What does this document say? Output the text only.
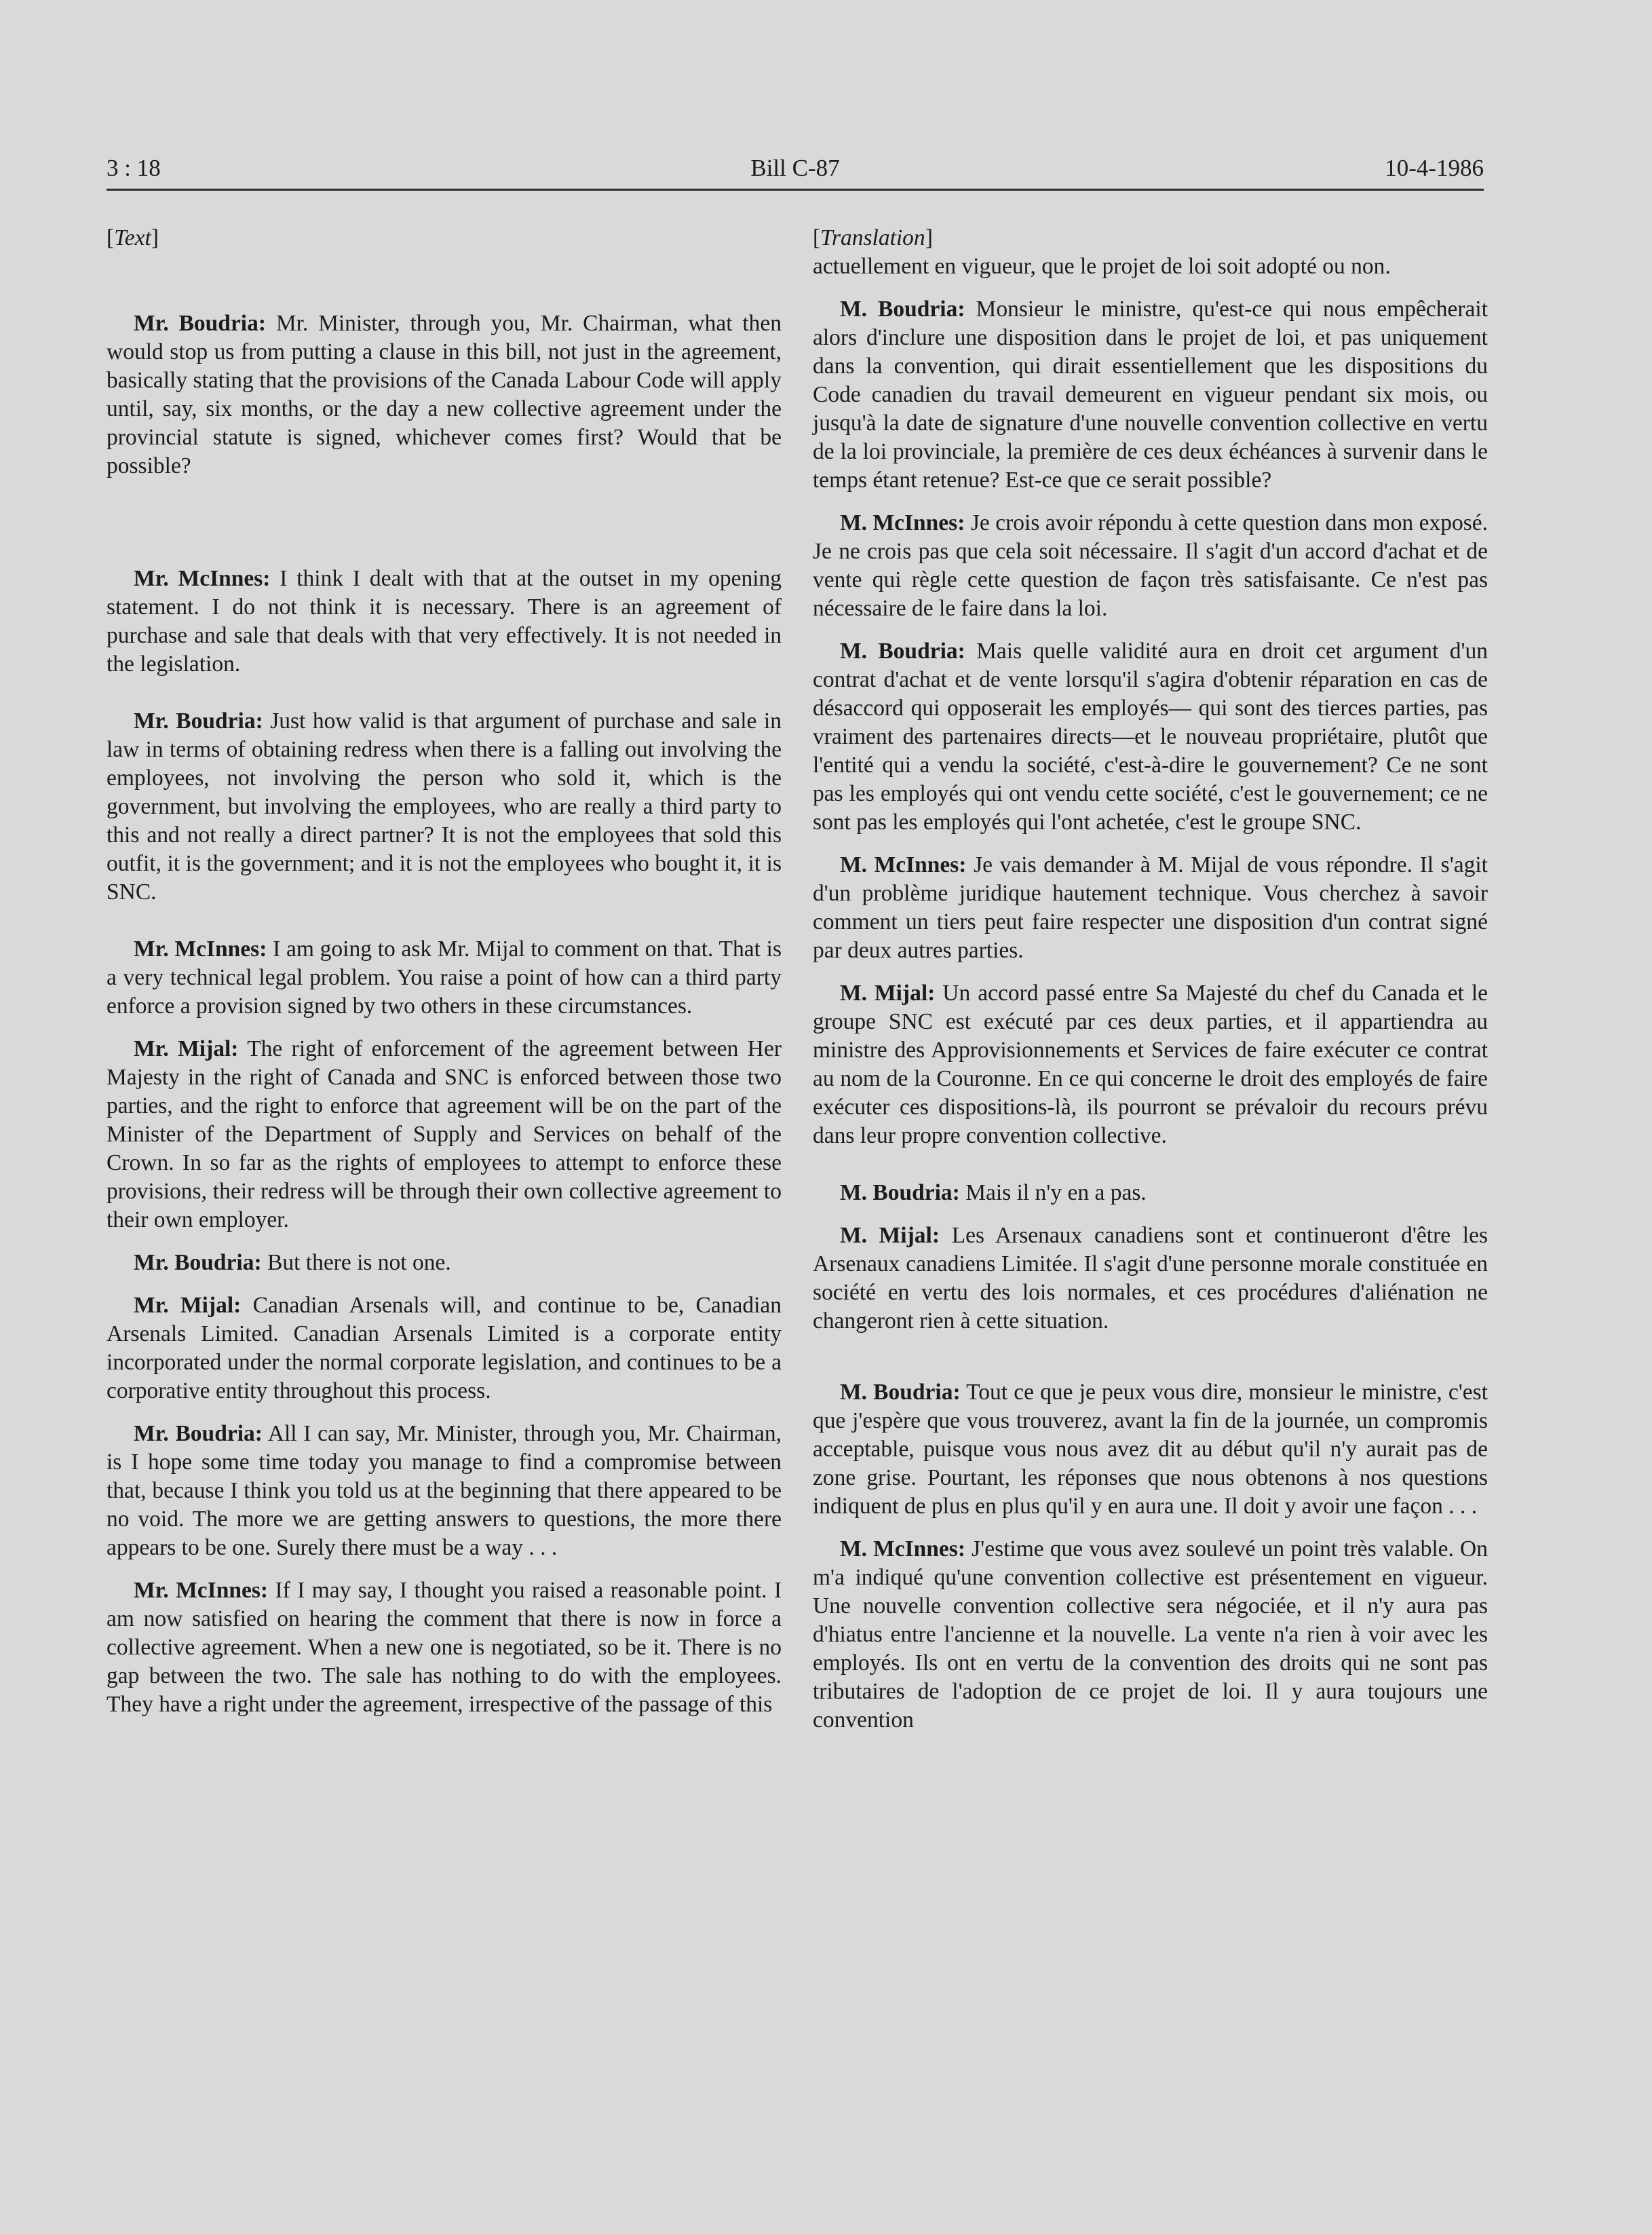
3 : 18	Bill C-87	10-4-1986
[Text]

Mr. Boudria: Mr. Minister, through you, Mr. Chairman, what then would stop us from putting a clause in this bill, not just in the agreement, basically stating that the provisions of the Canada Labour Code will apply until, say, six months, or the day a new collective agreement under the provincial statute is signed, whichever comes first? Would that be possible?

Mr. McInnes: I think I dealt with that at the outset in my opening statement. I do not think it is necessary. There is an agreement of purchase and sale that deals with that very effectively. It is not needed in the legislation.

Mr. Boudria: Just how valid is that argument of purchase and sale in law in terms of obtaining redress when there is a falling out involving the employees, not involving the person who sold it, which is the government, but involving the employees, who are really a third party to this and not really a direct partner? It is not the employees that sold this outfit, it is the government; and it is not the employees who bought it, it is SNC.

Mr. McInnes: I am going to ask Mr. Mijal to comment on that. That is a very technical legal problem. You raise a point of how can a third party enforce a provision signed by two others in these circumstances.

Mr. Mijal: The right of enforcement of the agreement between Her Majesty in the right of Canada and SNC is enforced between those two parties, and the right to enforce that agreement will be on the part of the Minister of the Department of Supply and Services on behalf of the Crown. In so far as the rights of employees to attempt to enforce these provisions, their redress will be through their own collective agreement to their own employer.

Mr. Boudria: But there is not one.

Mr. Mijal: Canadian Arsenals will, and continue to be, Canadian Arsenals Limited. Canadian Arsenals Limited is a corporate entity incorporated under the normal corporate legislation, and continues to be a corporative entity throughout this process.

Mr. Boudria: All I can say, Mr. Minister, through you, Mr. Chairman, is I hope some time today you manage to find a compromise between that, because I think you told us at the beginning that there appeared to be no void. The more we are getting answers to questions, the more there appears to be one. Surely there must be a way . . .

Mr. McInnes: If I may say, I thought you raised a reasonable point. I am now satisfied on hearing the comment that there is now in force a collective agreement. When a new one is negotiated, so be it. There is no gap between the two. The sale has nothing to do with the employees. They have a right under the agreement, irrespective of the passage of this

[Translation]

actuellement en vigueur, que le projet de loi soit adopté ou non.

M. Boudria: Monsieur le ministre, qu'est-ce qui nous empêcherait alors d'inclure une disposition dans le projet de loi, et pas uniquement dans la convention, qui dirait essentiellement que les dispositions du Code canadien du travail demeurent en vigueur pendant six mois, ou jusqu'à la date de signature d'une nouvelle convention collective en vertu de la loi provinciale, la première de ces deux échéances à survenir dans le temps étant retenue? Est-ce que ce serait possible?

M. McInnes: Je crois avoir répondu à cette question dans mon exposé. Je ne crois pas que cela soit nécessaire. Il s'agit d'un accord d'achat et de vente qui règle cette question de façon très satisfaisante. Ce n'est pas nécessaire de le faire dans la loi.

M. Boudria: Mais quelle validité aura en droit cet argument d'un contrat d'achat et de vente lorsqu'il s'agira d'obtenir réparation en cas de désaccord qui opposerait les employés— qui sont des tierces parties, pas vraiment des partenaires directs—et le nouveau propriétaire, plutôt que l'entité qui a vendu la société, c'est-à-dire le gouvernement? Ce ne sont pas les employés qui ont vendu cette société, c'est le gouvernement; ce ne sont pas les employés qui l'ont achetée, c'est le groupe SNC.

M. McInnes: Je vais demander à M. Mijal de vous répondre. Il s'agit d'un problème juridique hautement technique. Vous cherchez à savoir comment un tiers peut faire respecter une disposition d'un contrat signé par deux autres parties.

M. Mijal: Un accord passé entre Sa Majesté du chef du Canada et le groupe SNC est exécuté par ces deux parties, et il appartiendra au ministre des Approvisionnements et Services de faire exécuter ce contrat au nom de la Couronne. En ce qui concerne le droit des employés de faire exécuter ces dispositions-là, ils pourront se prévaloir du recours prévu dans leur propre convention collective.

M. Boudria: Mais il n'y en a pas.

M. Mijal: Les Arsenaux canadiens sont et continueront d'être les Arsenaux canadiens Limitée. Il s'agit d'une personne morale constituée en société en vertu des lois normales, et ces procédures d'aliénation ne changeront rien à cette situation.

M. Boudria: Tout ce que je peux vous dire, monsieur le ministre, c'est que j'espère que vous trouverez, avant la fin de la journée, un compromis acceptable, puisque vous nous avez dit au début qu'il n'y aurait pas de zone grise. Pourtant, les réponses que nous obtenons à nos questions indiquent de plus en plus qu'il y en aura une. Il doit y avoir une façon . . .

M. McInnes: J'estime que vous avez soulevé un point très valable. On m'a indiqué qu'une convention collective est présentement en vigueur. Une nouvelle convention collective sera négociée, et il n'y aura pas d'hiatus entre l'ancienne et la nouvelle. La vente n'a rien à voir avec les employés. Ils ont en vertu de la convention des droits qui ne sont pas tributaires de l'adoption de ce projet de loi. Il y aura toujours une convention
